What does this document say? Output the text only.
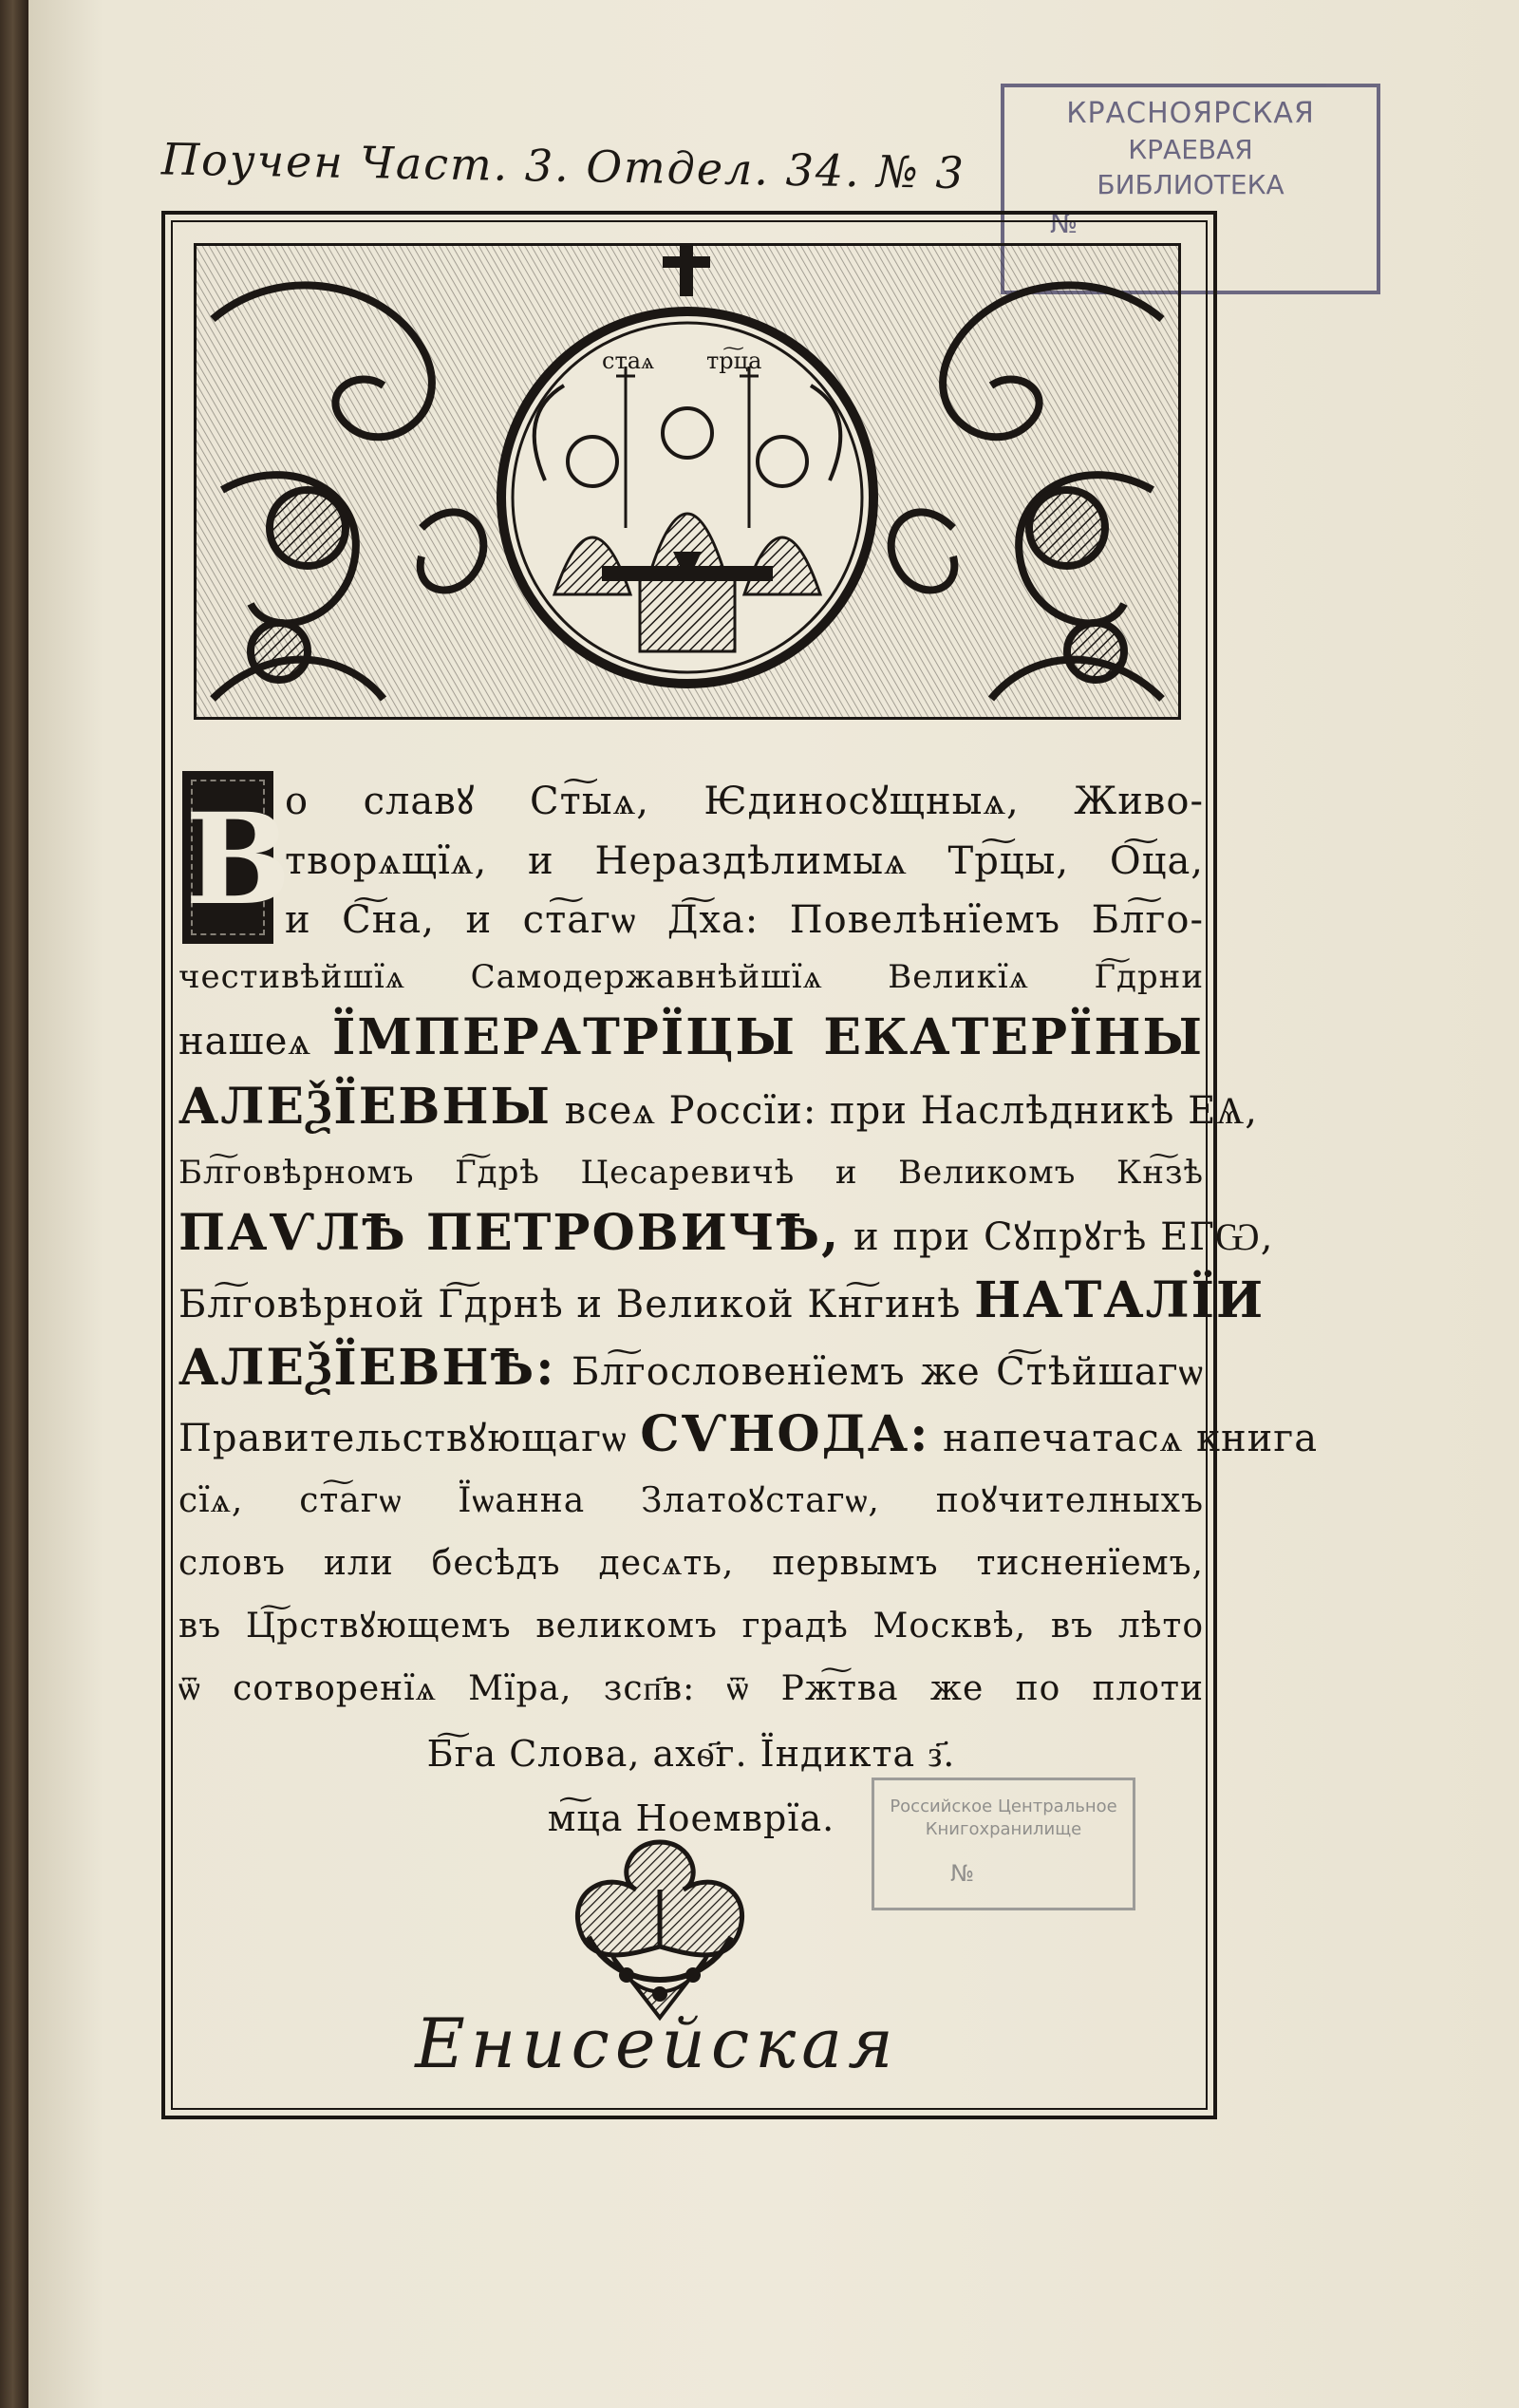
Поучен Част. 3. Отдел. 34. № 3
КРАСНОЯРСКАЯ
КРАЕВАЯ
БИБЛИОТЕКА
№
стаѧ тр͠ца
В
о славꙋ Ст͠ыѧ, Ѥдиносꙋщныѧ, Живо-
творѧщїѧ, и Нераздѣлимыѧ Тр͠цы, О͠ца,
и С͠на, и ст͠агѡ Д͠ха: Повелѣнїемъ Бл͠го-
честивѣйшїѧ Самодержавнѣйшїѧ Великїѧ Г͠дрни
нашеѧ ЇМПЕРАТРЇЦЫ ЕКАТЕРЇНЫ
АЛЕѮЇЕВНЫ всеѧ Россїи: при Наслѣдникѣ ЕѦ,
Бл͠говѣрномъ Г͠дрѣ Цесаревичѣ и Великомъ Кн͠зѣ
ПАѴЛѢ ПЕТРОВИЧѢ, и при Сꙋпрꙋгѣ ЕГѠ,
Бл͠говѣрной Г͠дрнѣ и Великой Кн͠гинѣ НАТАЛЇИ
АЛЕѮЇЕВНѢ: Бл͠гословенїемъ же С͠тѣйшагѡ
Правительствꙋющагѡ СѴНОДА: напечатасѧ книга
сїѧ, ст͠агѡ Їѡанна Златоꙋстагѡ, поꙋчителныхъ
словъ или бесѣдъ десѧть, первымъ тисненїемъ,
въ Ц͠рствꙋющемъ великомъ градѣ Москвѣ, въ лѣто
ѿ сотворенїѧ Мїра, зсп҃в: ѿ Рж͠тва же по плоти
Б͠га Слова, ахѳ҃г. Їндикта з҃.
м͠ца Ноемврїа.	Российское Центральное
Книгохранилище
№
Енисейская
